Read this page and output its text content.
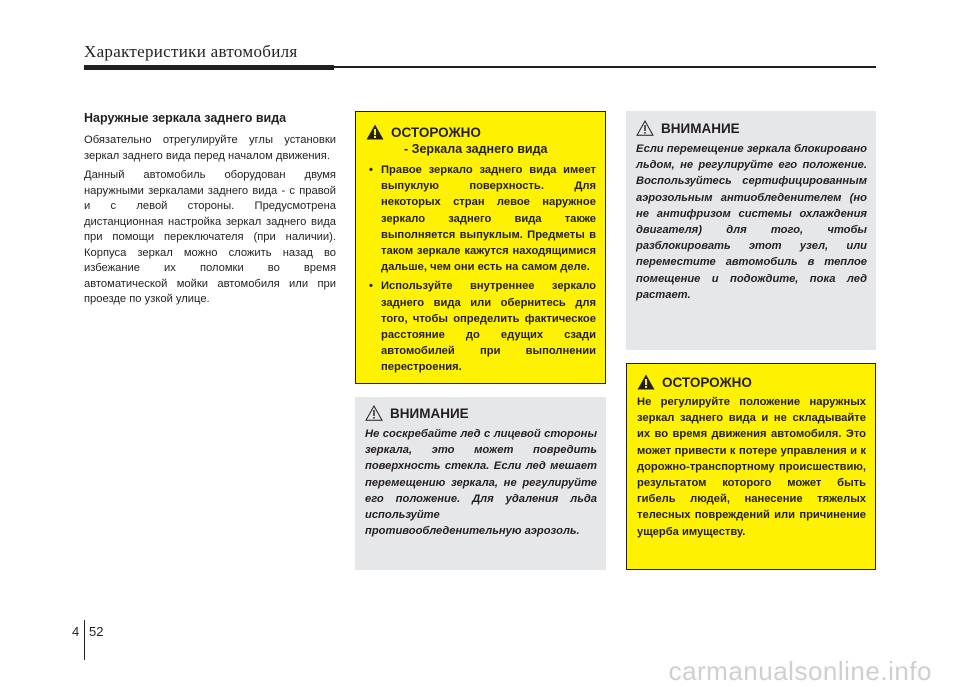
Характеристики автомобиля
Наружные зеркала заднего вида

Обязательно отрегулируйте углы установки зеркал заднего вида перед началом движения.

Данный автомобиль оборудован двумя наружными зеркалами заднего вида - с правой и с левой стороны. Предусмотрена дистанционная настройка зеркал заднего вида при помощи переключателя (при наличии). Корпуса зеркал можно сложить назад во избежание их поломки во время автоматической мойки автомобиля или при проезде по узкой улице.

ОСТОРОЖНО
- Зеркала заднего вида
• Правое зеркало заднего вида имеет выпуклую поверхность. Для некоторых стран левое наружное зеркало заднего вида также выполняется выпуклым. Предметы в таком зеркале кажутся находящимися дальше, чем они есть на самом деле.
• Используйте внутреннее зеркало заднего вида или обернитесь для того, чтобы определить фактическое расстояние до едущих сзади автомобилей при выполнении перестроения.
ВНИМАНИЕ
Не соскребайте лед с лицевой стороны зеркала, это может повредить поверхность стекла. Если лед мешает перемещению зеркала, не регулируйте его положение. Для удаления льда используйте противообледенительную аэрозоль.
ВНИМАНИЕ
Если перемещение зеркала блокировано льдом, не регулируйте его положение. Воспользуйтесь сертифицированным аэрозольным антиобледенителем (но не антифризом системы охлаждения двигателя) для того, чтобы разблокировать этот узел, или переместите автомобиль в теплое помещение и подождите, пока лед растает.
ОСТОРОЖНО
Не регулируйте положение наружных зеркал заднего вида и не складывайте их во время движения автомобиля. Это может привести к потере управления и к дорожно-транспортному происшествию, результатом которого может быть гибель людей, нанесение тяжелых телесных повреждений или причинение ущерба имуществу.
4 52
carmanualsonline.info
